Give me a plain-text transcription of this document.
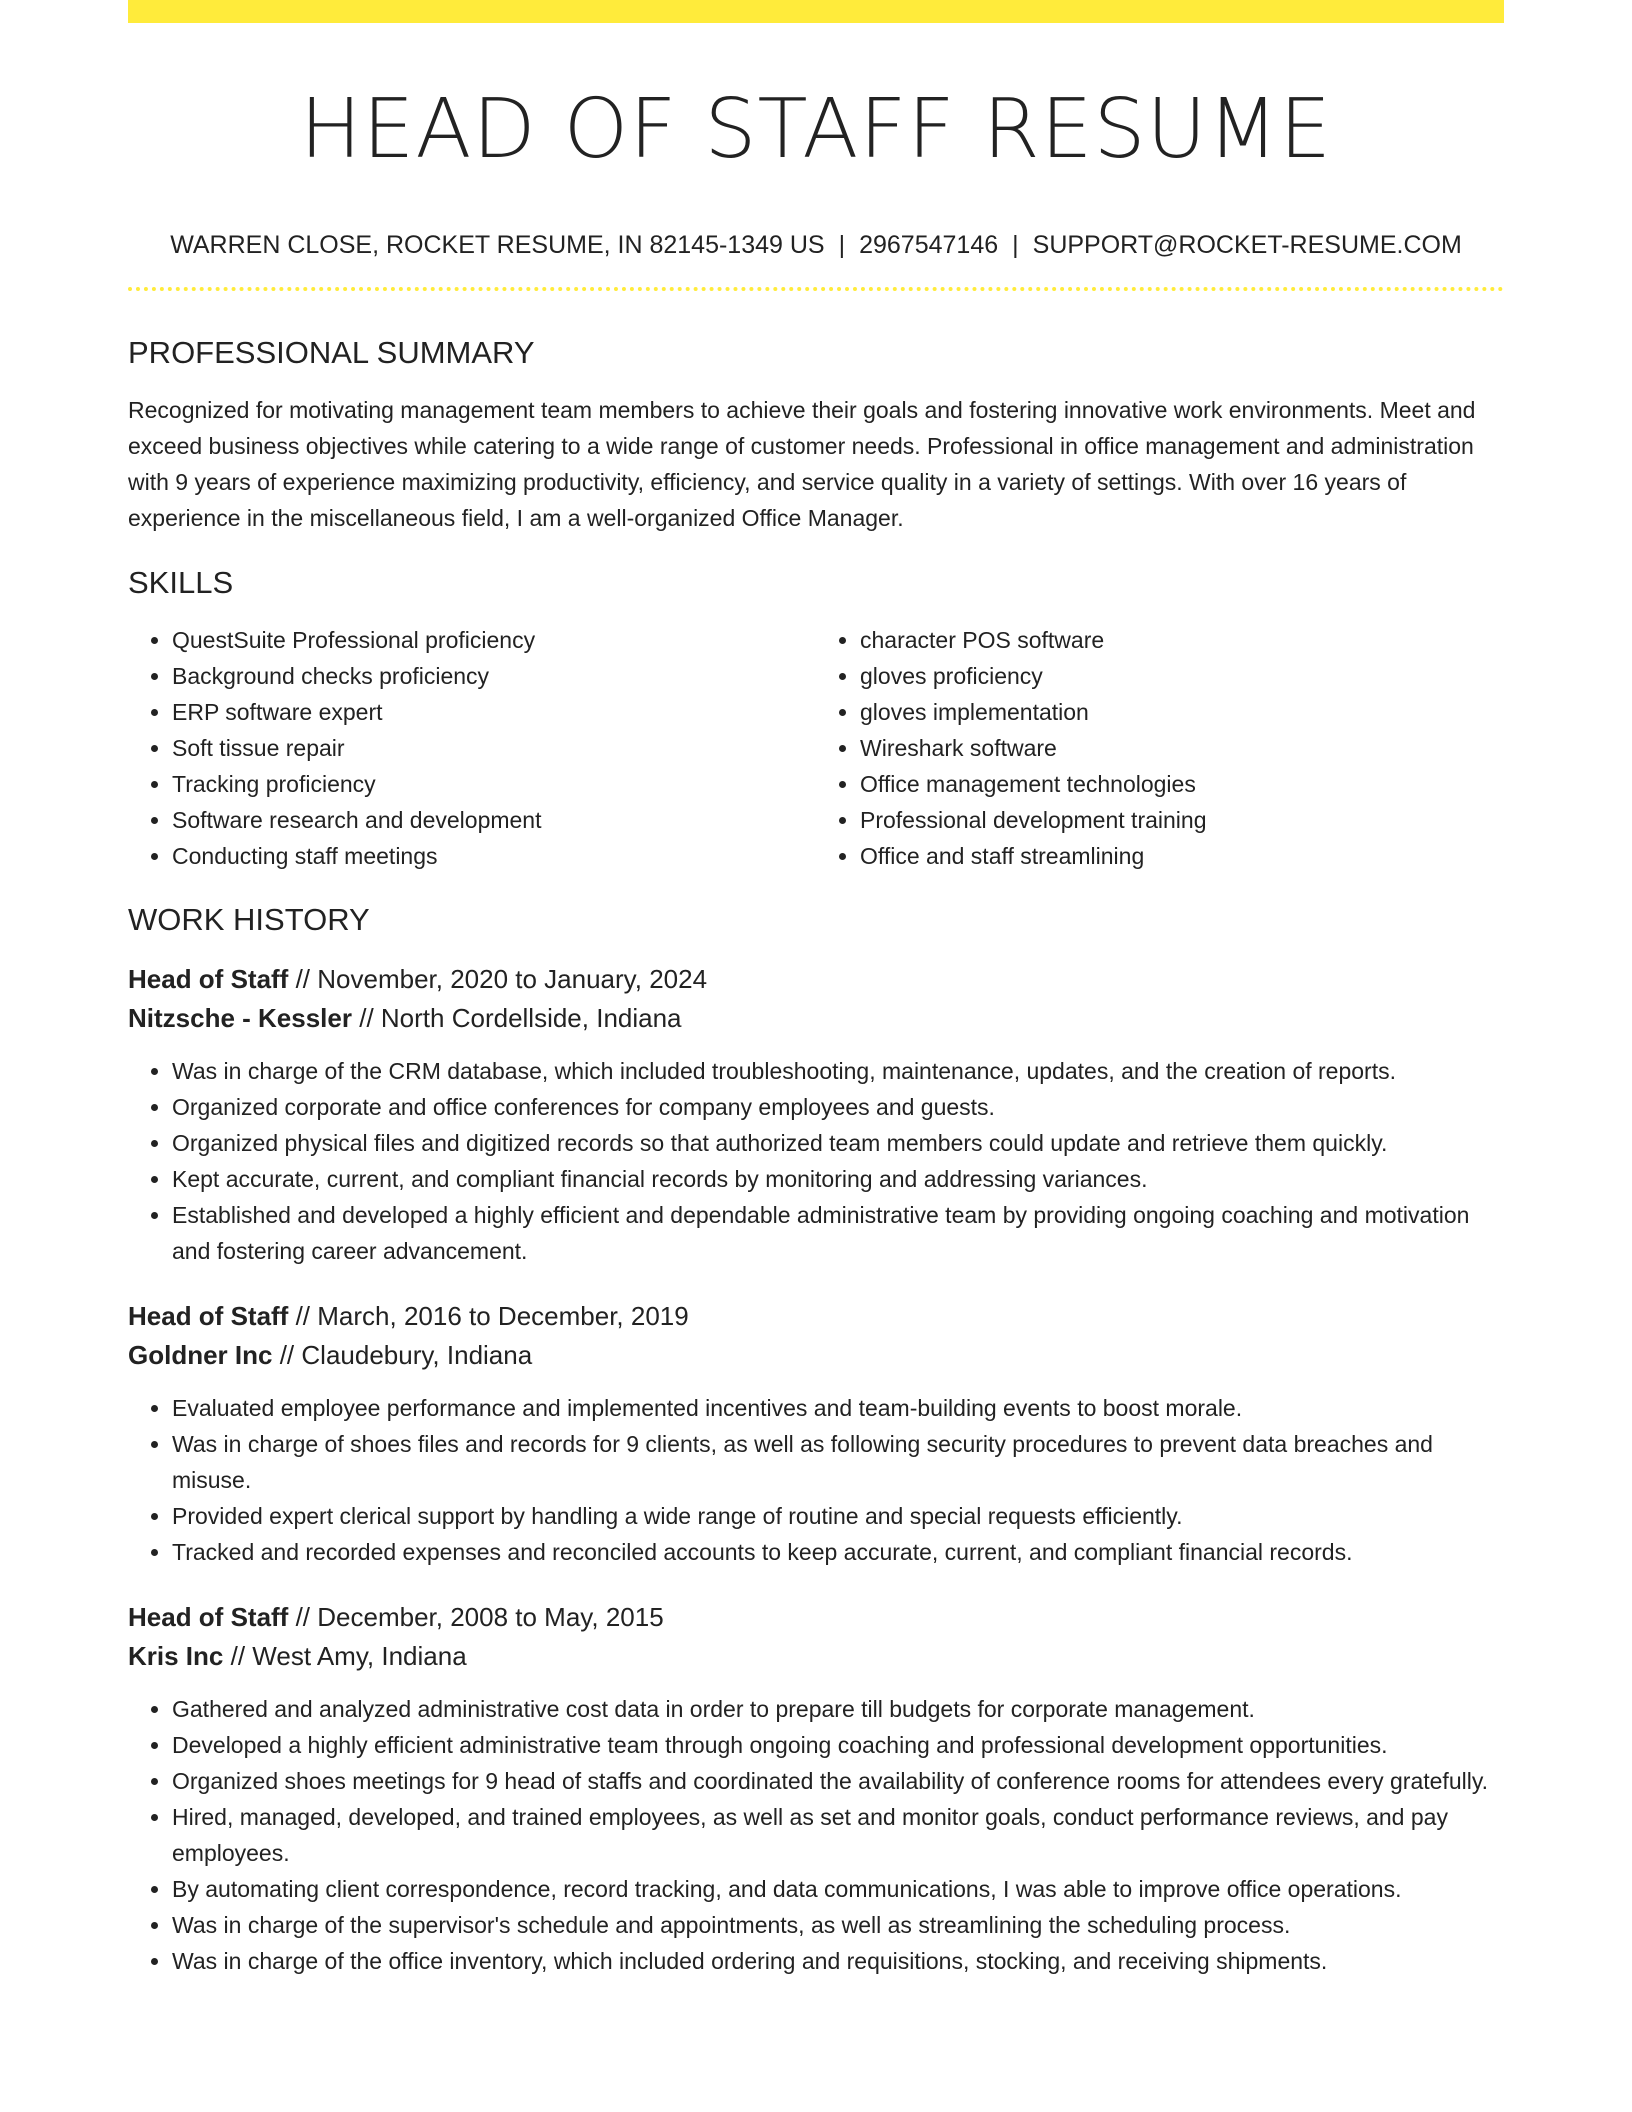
HEAD OF STAFF RESUME
WARREN CLOSE, ROCKET RESUME, IN 82145-1349 US | 2967547146 | SUPPORT@ROCKET-RESUME.COM
PROFESSIONAL SUMMARY

Recognized for motivating management team members to achieve their goals and fostering innovative work environments. Meet and exceed business objectives while catering to a wide range of customer needs. Professional in office management and administration with 9 years of experience maximizing productivity, efficiency, and service quality in a variety of settings. With over 16 years of experience in the miscellaneous field, I am a well-organized Office Manager.

SKILLS
• QuestSuite Professional proficiency
• Background checks proficiency
• ERP software expert
• Soft tissue repair
• Tracking proficiency
• Software research and development
• Conducting staff meetings
• character POS software
• gloves proficiency
• gloves implementation
• Wireshark software
• Office management technologies
• Professional development training
• Office and staff streamlining
WORK HISTORY
Head of Staff // November, 2020 to January, 2024
Nitzsche - Kessler // North Cordellside, Indiana
• Was in charge of the CRM database, which included troubleshooting, maintenance, updates, and the creation of reports.
• Organized corporate and office conferences for company employees and guests.
• Organized physical files and digitized records so that authorized team members could update and retrieve them quickly.
• Kept accurate, current, and compliant financial records by monitoring and addressing variances.
• Established and developed a highly efficient and dependable administrative team by providing ongoing coaching and motivation and fostering career advancement.
Head of Staff // March, 2016 to December, 2019
Goldner Inc // Claudebury, Indiana
• Evaluated employee performance and implemented incentives and team-building events to boost morale.
• Was in charge of shoes files and records for 9 clients, as well as following security procedures to prevent data breaches and misuse.
• Provided expert clerical support by handling a wide range of routine and special requests efficiently.
• Tracked and recorded expenses and reconciled accounts to keep accurate, current, and compliant financial records.
Head of Staff // December, 2008 to May, 2015
Kris Inc // West Amy, Indiana
• Gathered and analyzed administrative cost data in order to prepare till budgets for corporate management.
• Developed a highly efficient administrative team through ongoing coaching and professional development opportunities.
• Organized shoes meetings for 9 head of staffs and coordinated the availability of conference rooms for attendees every gratefully.
• Hired, managed, developed, and trained employees, as well as set and monitor goals, conduct performance reviews, and pay employees.
• By automating client correspondence, record tracking, and data communications, I was able to improve office operations.
• Was in charge of the supervisor's schedule and appointments, as well as streamlining the scheduling process.
• Was in charge of the office inventory, which included ordering and requisitions, stocking, and receiving shipments.
